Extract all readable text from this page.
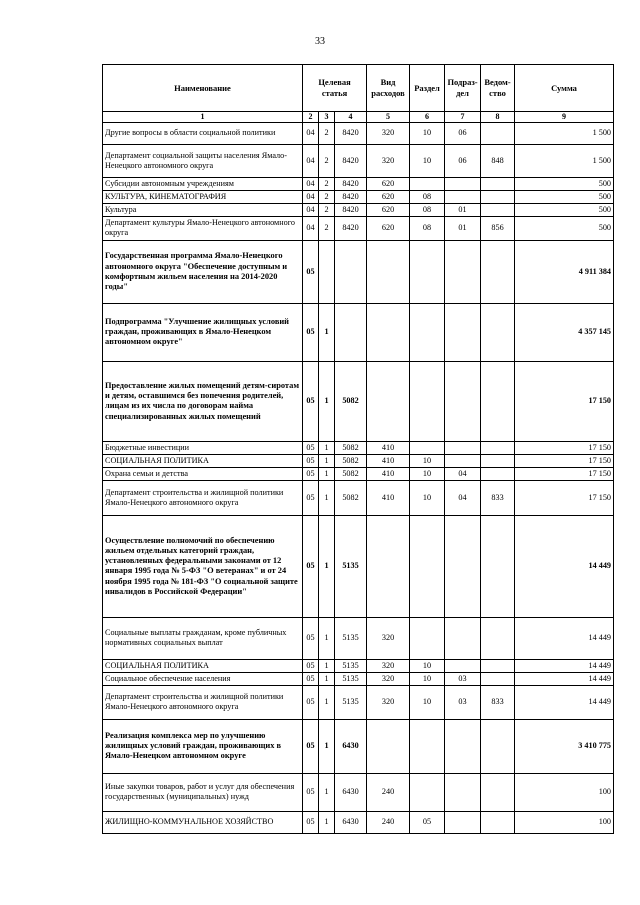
33
Наименование	Целевая статья			Вид расходов	Раздел	Подраз-дел	Ведом-ство	Сумма
1	2	3	4	5	6	7	8	9
Другие вопросы в области социальной политики	04	2	8420	320	10	06		1 500
Департамент социальной защиты населения Ямало-Ненецкого автономного округа	04	2	8420	320	10	06	848	1 500
Субсидии автономным учреждениям	04	2	8420	620				500
КУЛЬТУРА, КИНЕМАТОГРАФИЯ	04	2	8420	620	08			500
Культура	04	2	8420	620	08	01		500
Департамент культуры Ямало-Ненецкого автономного округа	04	2	8420	620	08	01	856	500
Государственная программа Ямало-Ненецкого автономного округа "Обеспечение доступным и комфортным жильем населения на 2014-2020 годы"	05							4 911 384
Подпрограмма "Улучшение жилищных условий граждан, проживающих в Ямало-Ненецком автономном округе"	05	1						4 357 145
Предоставление жилых помещений детям-сиротам и детям, оставшимся без попечения родителей, лицам из их числа по договорам найма специализированных жилых помещений	05	1	5082					17 150
Бюджетные инвестиции	05	1	5082	410				17 150
СОЦИАЛЬНАЯ ПОЛИТИКА	05	1	5082	410	10			17 150
Охрана семьи и детства	05	1	5082	410	10	04		17 150
Департамент строительства и жилищной политики Ямало-Ненецкого автономного округа	05	1	5082	410	10	04	833	17 150
Осуществление полномочий по обеспечению жильем отдельных категорий граждан, установленных федеральными законами от 12 января 1995 года № 5-ФЗ "О ветеранах" и от 24 ноября 1995 года № 181-ФЗ "О социальной защите инвалидов в Российской Федерации"	05	1	5135					14 449
Социальные выплаты гражданам, кроме публичных нормативных социальных выплат	05	1	5135	320				14 449
СОЦИАЛЬНАЯ ПОЛИТИКА	05	1	5135	320	10			14 449
Социальное обеспечение населения	05	1	5135	320	10	03		14 449
Департамент строительства и жилищной политики Ямало-Ненецкого автономного округа	05	1	5135	320	10	03	833	14 449
Реализация комплекса мер по улучшению жилищных условий граждан, проживающих в Ямало-Ненецком автономном округе	05	1	6430					3 410 775
Иные закупки товаров, работ и услуг для обеспечения государственных (муниципальных) нужд	05	1	6430	240				100
ЖИЛИЩНО-КОММУНАЛЬНОЕ ХОЗЯЙСТВО	05	1	6430	240	05			100
